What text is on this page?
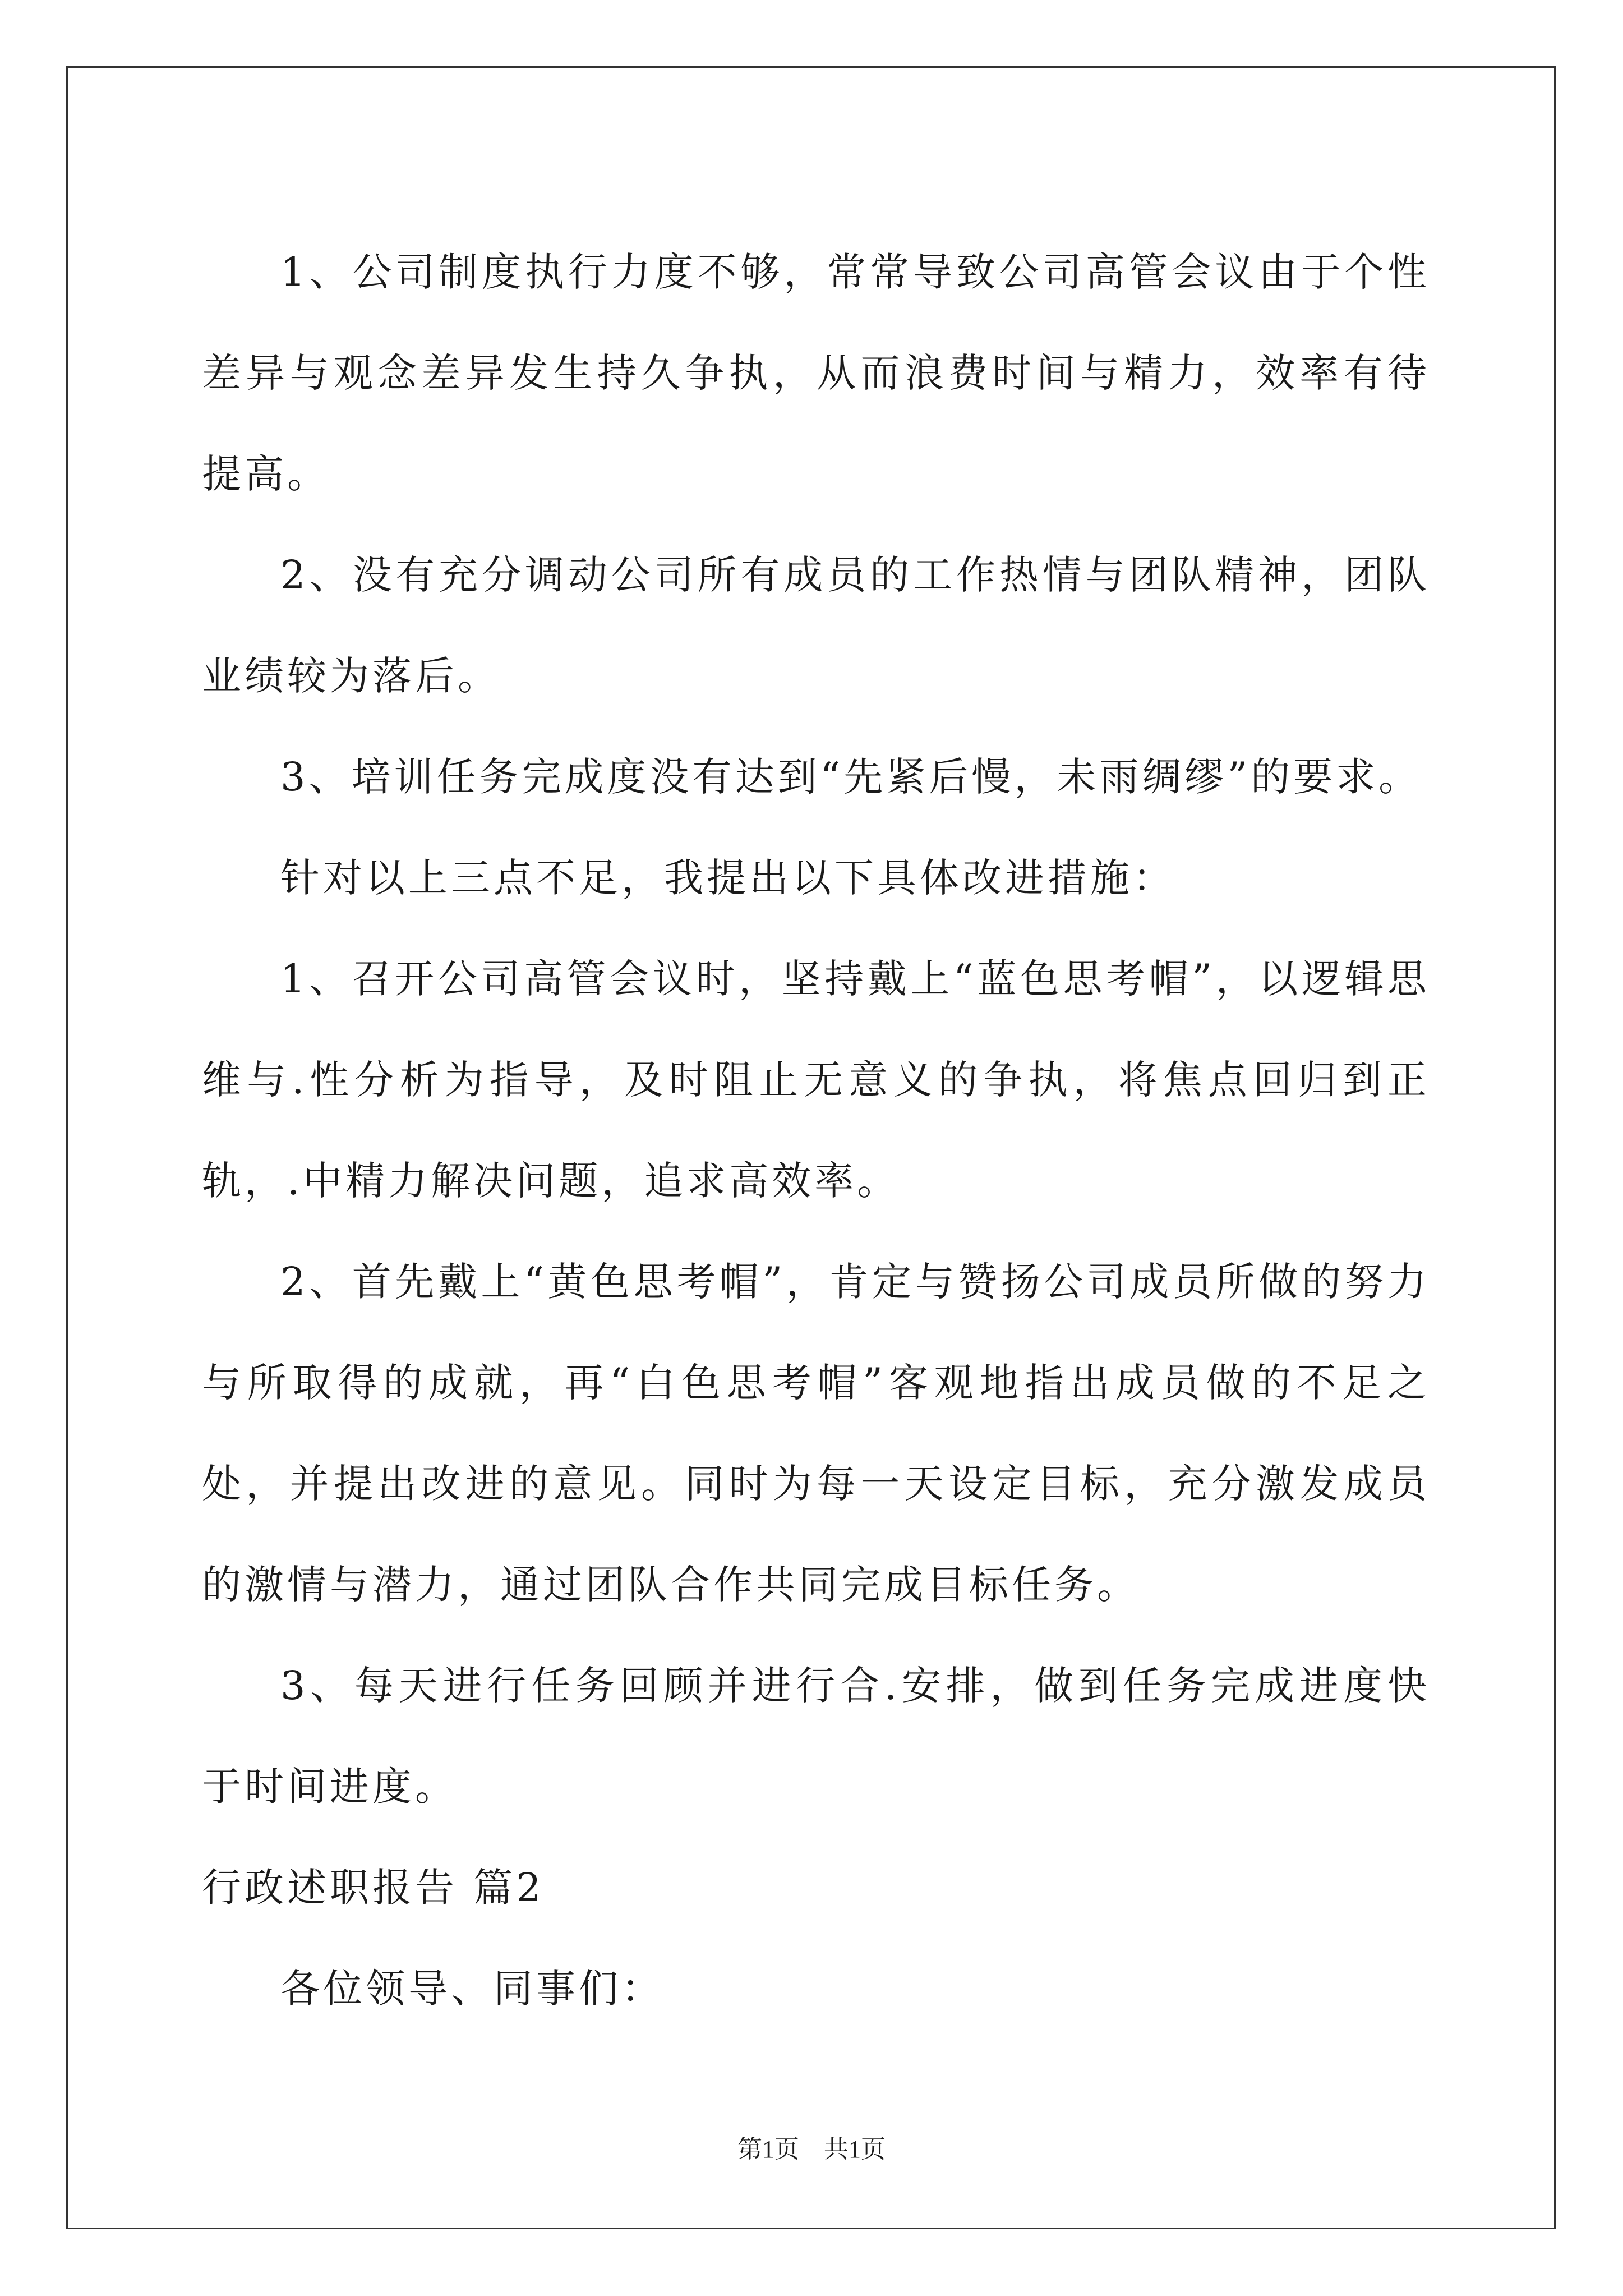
1、公司制度执行力度不够，常常导致公司高管会议由于个性差异与观念差异发生持久争执，从而浪费时间与精力，效率有待提高。

2、没有充分调动公司所有成员的工作热情与团队精神，团队业绩较为落后。

3、培训任务完成度没有达到“先紧后慢，未雨绸缪”的要求。

针对以上三点不足，我提出以下具体改进措施：

1、召开公司高管会议时，坚持戴上“蓝色思考帽”，以逻辑思维与.性分析为指导，及时阻止无意义的争执，将焦点回归到正轨，.中精力解决问题，追求高效率。

2、首先戴上“黄色思考帽”，肯定与赞扬公司成员所做的努力与所取得的成就，再“白色思考帽”客观地指出成员做的不足之处，并提出改进的意见。同时为每一天设定目标，充分激发成员的激情与潜力，通过团队合作共同完成目标任务。

3、每天进行任务回顾并进行合.安排，做到任务完成进度快于时间进度。

行政述职报告 篇2

各位领导、同事们：

第1页　共1页
